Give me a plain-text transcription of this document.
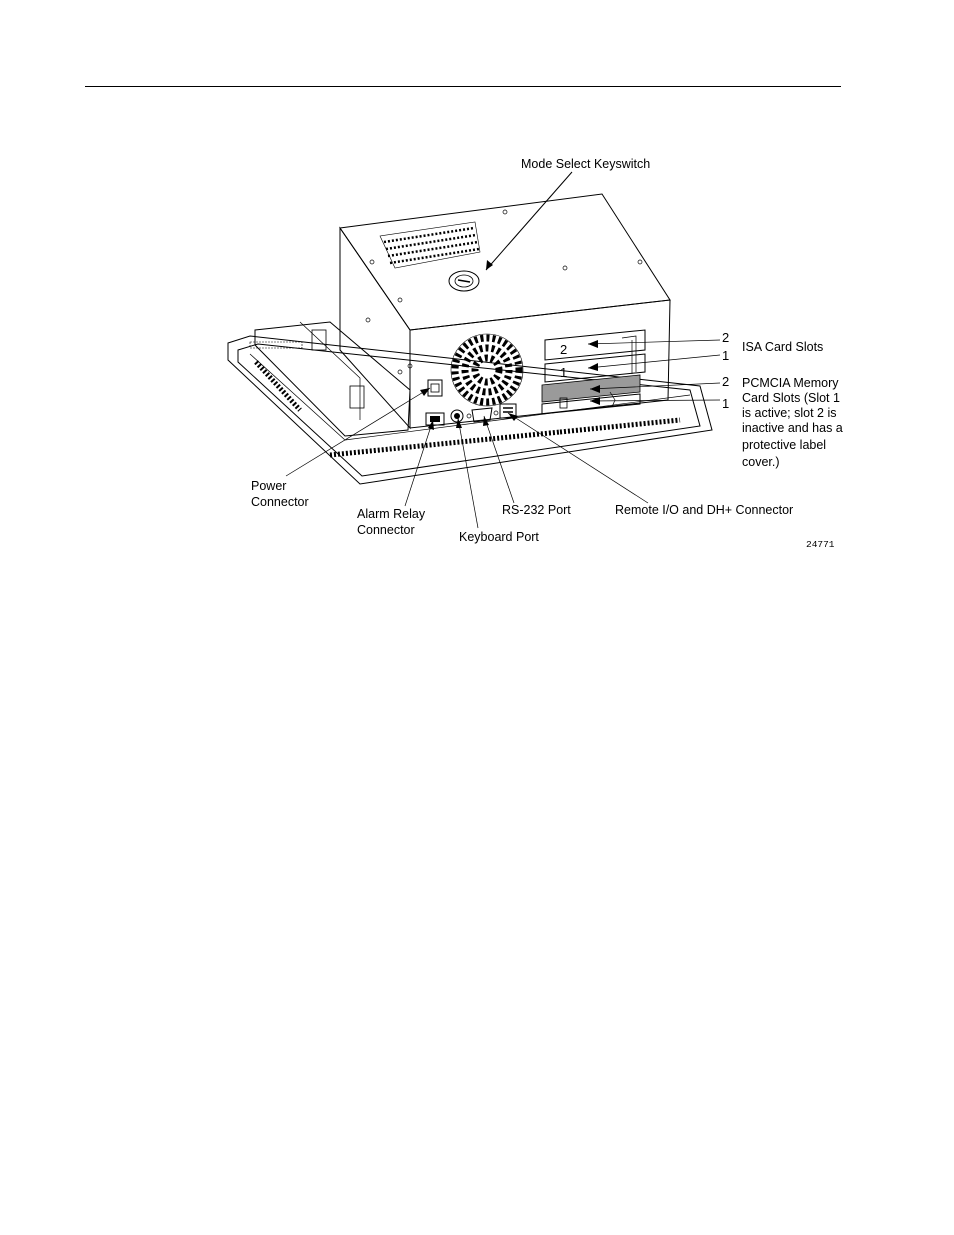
Mode Select Keyswitch
2
1
2
1
ISA Card Slots
2
1
PCMCIA Memory
Card Slots (Slot 1
is active; slot 2 is
inactive and has a
protective label
cover.)
Power
Connector
Alarm Relay
Connector	Keyboard Port
RS-232 Port	Remote I/O and DH+ Connector
24771
